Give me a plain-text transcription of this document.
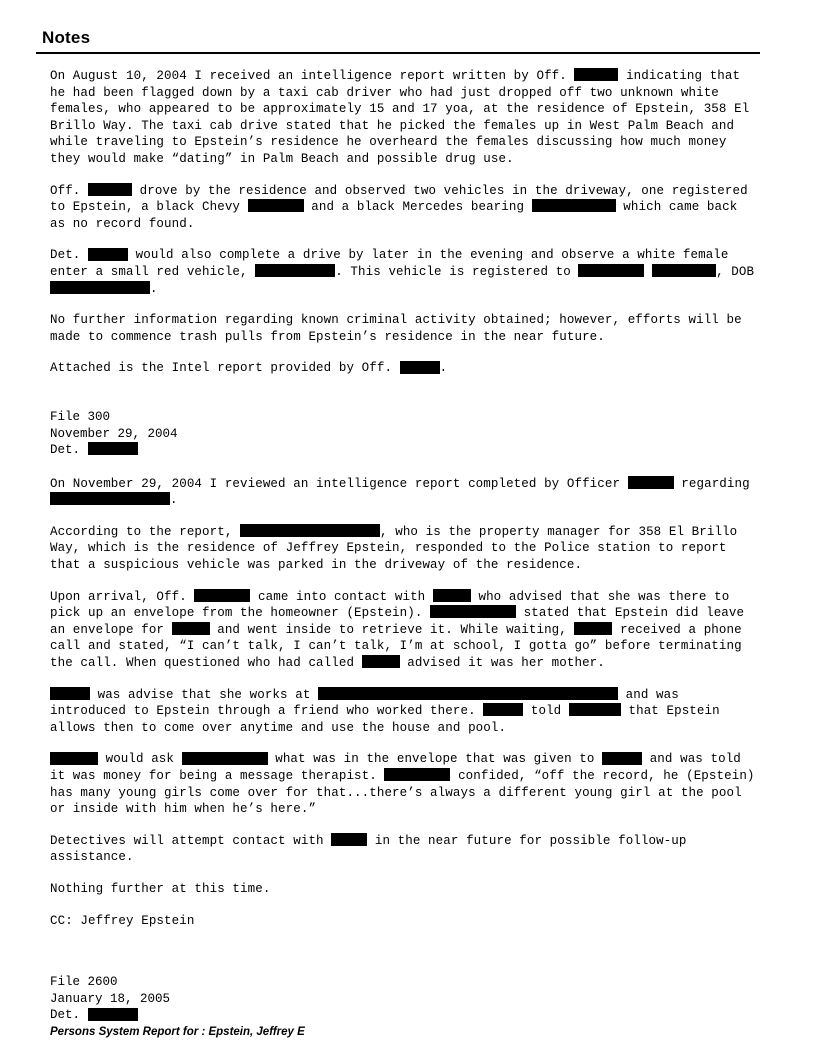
Notes

On August 10, 2004 I received an intelligence report written by Off.	indicating that he had been flagged down by a taxi cab driver who had just dropped off two unknown white females, who appeared to be approximately 15 and 17 yoa, at the residence of Epstein, 358 El Brillo Way. The taxi cab drive stated that he picked the females up in West Palm Beach and while traveling to Epstein’s residence he overheard the females discussing how much money they would make “dating” in Palm Beach and possible drug use.

Off.	drove by the residence and observed two vehicles in the driveway, one registered to Epstein, a black Chevy	and a black Mercedes bearing	which came back as no record found.

Det.	would also complete a drive by later in the evening and observe a white female enter a small red vehicle,	. This vehicle is registered to	, DOB .

No further information regarding known criminal activity obtained; however, efforts will be made to commence trash pulls from Epstein’s residence in the near future.

Attached is the Intel report provided by Off.	.

File 300
November 29, 2004
Det.

On November 29, 2004 I reviewed an intelligence report completed by Officer	regarding .

According to the report,	, who is the property manager for 358 El Brillo Way, which is the residence of Jeffrey Epstein, responded to the Police station to report that a suspicious vehicle was parked in the driveway of the residence.

Upon arrival, Off.	came into contact with	who advised that she was there to pick up an envelope from the homeowner (Epstein).	stated that Epstein did leave an envelope for	and went inside to retrieve it. While waiting,	received a phone call and stated, “I can’t talk, I can’t talk, I’m at school, I gotta go” before terminating the call. When questioned who had called	advised it was her mother.

was advise that she works at	and was introduced to Epstein through a friend who worked there.	told	that Epstein allows then to come over anytime and use the house and pool.

would ask	what was in the envelope that was given to	and was told it was money for being a message therapist.	confided, “off the record, he (Epstein) has many young girls come over for that...there’s always a different young girl at the pool or inside with him when he’s here.”

Detectives will attempt contact with	in the near future for possible follow-up assistance.

Nothing further at this time.

CC: Jeffrey Epstein

File 2600
January 18, 2005
Det.
Persons System Report for : Epstein, Jeffrey E
